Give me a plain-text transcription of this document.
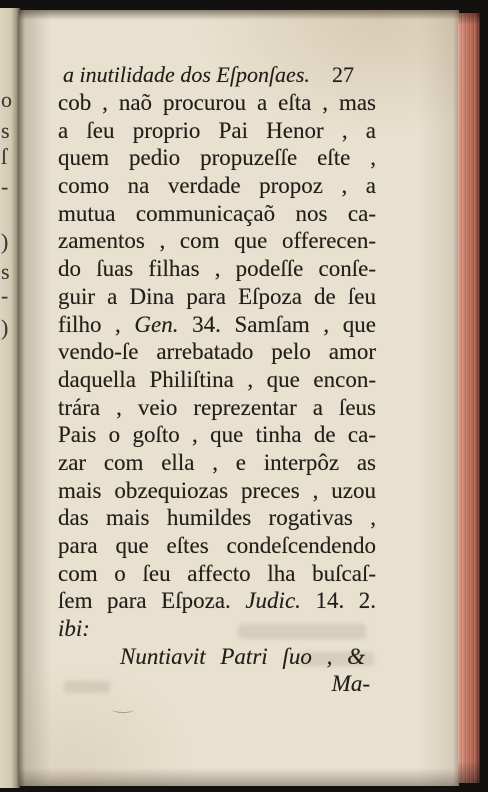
o
s
ſ
-
)
s
-
)
a inutilidade dos Eſponſaes. 27
cob , naõ procurou a eſta , mas
a ſeu proprio Pai Henor , a
quem pedio propuzeſſe eſte ,
como na verdade propoz , a
mutua communicaçaõ nos ca-
zamentos , com que offerecen-
do ſuas filhas , podeſſe conſe-
guir a Dina para Eſpoza de ſeu
filho , Gen. 34. Samſam , que
vendo-ſe arrebatado pelo amor
daquella Philiſtina , que encon-
trára , veio reprezentar a ſeus
Pais o goſto , que tinha de ca-
zar com ella , e interpôz as
mais obzequiozas preces , uzou
das mais humildes rogativas ,
para que eſtes condeſcendendo
com o ſeu affecto lha buſcaſ-
ſem para Eſpoza. Judic. 14. 2.
ibi:
Nuntiavit Patri ſuo , &
Ma-
